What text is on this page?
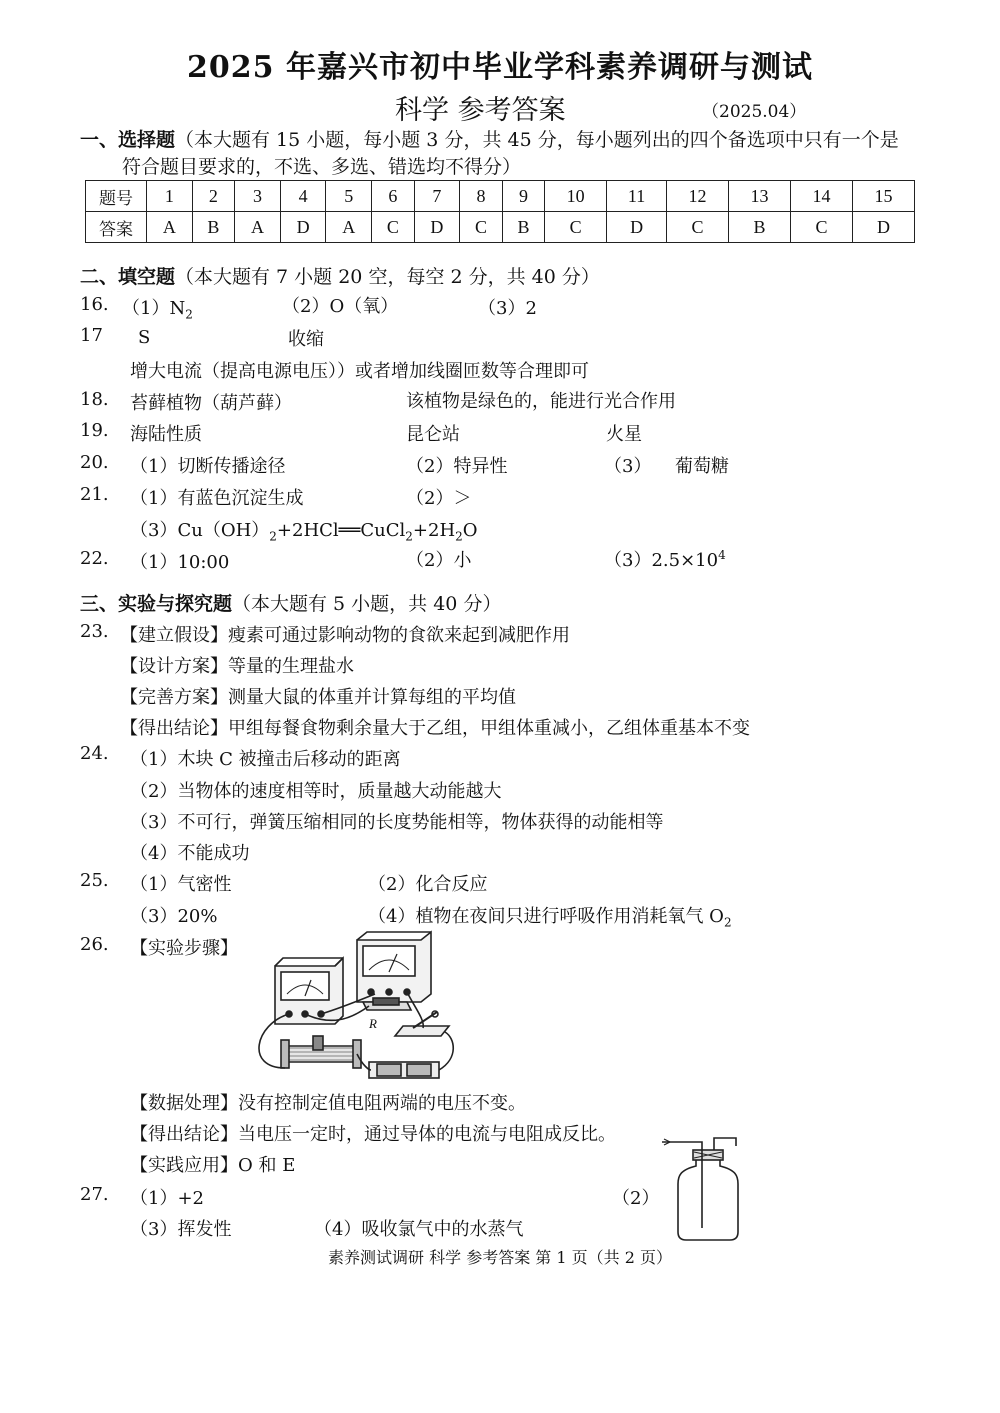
2025 年嘉兴市初中毕业学科素养调研与测试
科学 参考答案	（2025.04）
一、选择题（本大题有 15 小题，每小题 3 分，共 45 分，每小题列出的四个备选项中只有一个是
符合题目要求的，不选、多选、错选均不得分）
题号	1	2	3	4	5	6	7	8	9	10	11	12	13	14	15
答案	A	B	A	D	A	C	D	C	B	C	D	C	B	C	D
二、填空题（本大题有 7 小题 20 空，每空 2 分，共 40 分）
16. $(1)N_2$	（2）O（氧）	（3）2
17 S	收缩
增大电流（提高电源电压））或者增加线圈匝数等合理即可
18. 苔藓植物（葫芦藓）	该植物是绿色的，能进行光合作用
19. 海陆性质	昆仑站	火星
20. （1）切断传播途径	（2）特异性	（3） 葡萄糖
21. （1）有蓝色沉淀生成	（2）＞
$(3)Cu(OH)_2+2HCl══CuCl_2+2H_2O$
22. （1）10:00	（2）小	$(3)2.5\times 10^4$
三、实验与探究题（本大题有 5 小题，共 40 分）
23. 【建立假设】瘦素可通过影响动物的食欲来起到减肥作用
【设计方案】等量的生理盐水
【完善方案】测量大鼠的体重并计算每组的平均值
【得出结论】甲组每餐食物剩余量大于乙组，甲组体重减小，乙组体重基本不变
24. （1）木块 C 被撞击后移动的距离
（2）当物体的速度相等时，质量越大动能越大
（3）不可行，弹簧压缩相同的长度势能相等，物体获得的动能相等
（4）不能成功
25. （1）气密性	（2）化合反应
（3）20%	（4）植物在夜间只进行呼吸作用消耗氧气 $O_2$
26. 【实验步骤】
R
【数据处理】没有控制定值电阻两端的电压不变。
【得出结论】当电压一定时，通过导体的电流与电阻成反比。
【实践应用】O 和 E
27. （1）+2	（2）
（3）挥发性	（4）吸收氯气中的水蒸气
素养测试调研 科学 参考答案 第 1 页（共 2 页）
